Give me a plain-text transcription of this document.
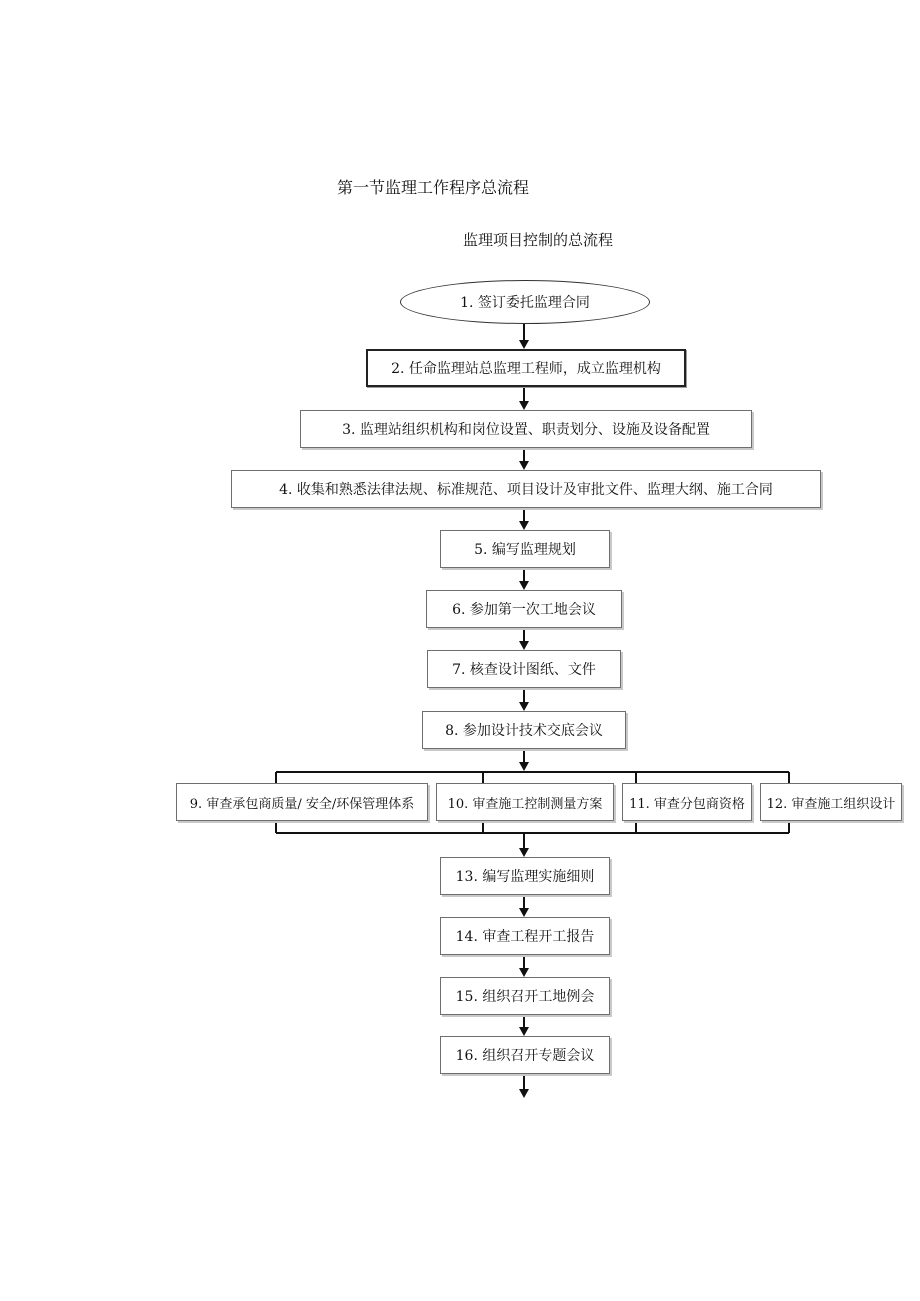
第一节监理工作程序总流程
监理项目控制的总流程
1. 签订委托监理合同
2. 任命监理站总监理工程师，成立监理机构
3. 监理站组织机构和岗位设置、职责划分、设施及设备配置
4. 收集和熟悉法律法规、标准规范、项目设计及审批文件、监理大纲、施工合同
5. 编写监理规划
6. 参加第一次工地会议
7. 核查设计图纸、文件
8. 参加设计技术交底会议
9. 审查承包商质量/ 安全/环保管理体系	10. 审查施工控制测量方案	11. 审查分包商资格	12. 审查施工组织设计
13. 编写监理实施细则
14. 审查工程开工报告
15. 组织召开工地例会
16. 组织召开专题会议
